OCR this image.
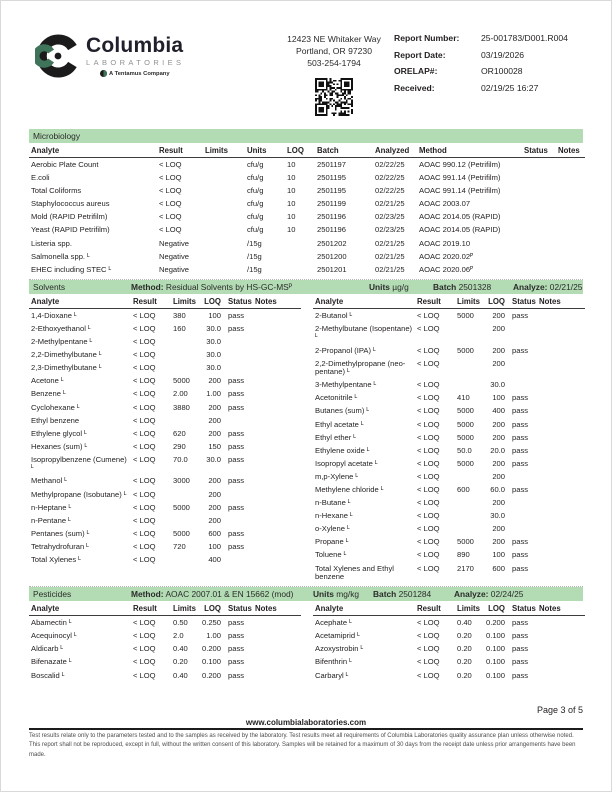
Columbia
LABORATORIES
A Tentamus Company
12423 NE Whitaker Way
Portland, OR 97230
503-254-1794
Report Number:	25-001783/D001.R004
Report Date:	03/19/2026
ORELAP#:	OR100028
Received:	02/19/25 16:27
Microbiology
Analyte	Result	Limits	Units	LOQ	Batch	Analyzed	Method	Status	Notes
Aerobic Plate Count	< LOQ		cfu/g	10	2501197	02/22/25	AOAC 990.12 (Petrifilm)		
E.coli	< LOQ		cfu/g	10	2501195	02/22/25	AOAC 991.14 (Petrifilm)		
Total Coliforms	< LOQ		cfu/g	10	2501195	02/22/25	AOAC 991.14 (Petrifilm)		
Staphylococcus aureus	< LOQ		cfu/g	10	2501199	02/21/25	AOAC 2003.07		
Mold (RAPID Petrifilm)	< LOQ		cfu/g	10	2501196	02/23/25	AOAC 2014.05 (RAPID)		
Yeast (RAPID Petrifilm)	< LOQ		cfu/g	10	2501196	02/23/25	AOAC 2014.05 (RAPID)		
Listeria spp.	Negative		/15g		2501202	02/21/25	AOAC 2019.10		
Salmonella spp. ᴸ	Negative		/15g		2501200	02/21/25	AOAC 2020.02ᴾ		
EHEC including STEC ᴸ	Negative		/15g		2501201	02/21/25	AOAC 2020.06ᴾ		
Solvents	Method: Residual Solvents by HS-GC-MSᴾ	Units µg/g	Batch 2501328	Analyze: 02/21/25
Analyte	Result	Limits	LOQ	Status	Notes
1,4-Dioxane ᴸ	< LOQ	380	100	pass	
2-Ethoxyethanol ᴸ	< LOQ	160	30.0	pass	
2-Methylpentane ᴸ	< LOQ		30.0		
2,2-Dimethylbutane ᴸ	< LOQ		30.0		
2,3-Dimethylbutane ᴸ	< LOQ		30.0		
Acetone ᴸ	< LOQ	5000	200	pass	
Benzene ᴸ	< LOQ	2.00	1.00	pass	
Cyclohexane ᴸ	< LOQ	3880	200	pass	
Ethyl benzene	< LOQ		200		
Ethylene glycol ᴸ	< LOQ	620	200	pass	
Hexanes (sum) ᴸ	< LOQ	290	150	pass	
Isopropylbenzene (Cumene) ᴸ	< LOQ	70.0	30.0	pass	
Methanol ᴸ	< LOQ	3000	200	pass	
Methylpropane (Isobutane) ᴸ	< LOQ		200		
n-Heptane ᴸ	< LOQ	5000	200	pass	
n-Pentane ᴸ	< LOQ		200		
Pentanes (sum) ᴸ	< LOQ	5000	600	pass	
Tetrahydrofuran ᴸ	< LOQ	720	100	pass	
Total Xylenes ᴸ	< LOQ		400		
Analyte	Result	Limits	LOQ	Status	Notes
2-Butanol ᴸ	< LOQ	5000	200	pass	
2-Methylbutane (Isopentane) ᴸ	< LOQ		200		
2-Propanol (IPA) ᴸ	< LOQ	5000	200	pass	
2,2-Dimethylpropane (neo-pentane) ᴸ	< LOQ		200		
3-Methylpentane ᴸ	< LOQ		30.0		
Acetonitrile ᴸ	< LOQ	410	100	pass	
Butanes (sum) ᴸ	< LOQ	5000	400	pass	
Ethyl acetate ᴸ	< LOQ	5000	200	pass	
Ethyl ether ᴸ	< LOQ	5000	200	pass	
Ethylene oxide ᴸ	< LOQ	50.0	20.0	pass	
Isopropyl acetate ᴸ	< LOQ	5000	200	pass	
m,p-Xylene ᴸ	< LOQ		200		
Methylene chloride ᴸ	< LOQ	600	60.0	pass	
n-Butane ᴸ	< LOQ		200		
n-Hexane ᴸ	< LOQ		30.0		
o-Xylene ᴸ	< LOQ		200		
Propane ᴸ	< LOQ	5000	200	pass	
Toluene ᴸ	< LOQ	890	100	pass	
Total Xylenes and Ethyl benzene	< LOQ	2170	600	pass	
Pesticides	Method: AOAC 2007.01 & EN 15662 (mod) Units mg/kg Batch 2501284	Analyze: 02/24/25
Analyte	Result	Limits	LOQ	Status	Notes
Abamectin ᴸ	< LOQ	0.50	0.250	pass	
Acequinocyl ᴸ	< LOQ	2.0	1.00	pass	
Aldicarb ᴸ	< LOQ	0.40	0.200	pass	
Bifenazate ᴸ	< LOQ	0.20	0.100	pass	
Boscalid ᴸ	< LOQ	0.40	0.200	pass	
Analyte	Result	Limits	LOQ	Status	Notes
Acephate ᴸ	< LOQ	0.40	0.200	pass	
Acetamiprid ᴸ	< LOQ	0.20	0.100	pass	
Azoxystrobin ᴸ	< LOQ	0.20	0.100	pass	
Bifenthrin ᴸ	< LOQ	0.20	0.100	pass	
Carbaryl ᴸ	< LOQ	0.20	0.100	pass	
Page 3 of 5
www.columbialaboratories.com
Test results relate only to the parameters tested and to the samples as received by the laboratory. Test results meet all requirements of Columbia Laboratories quality assurance plan unless otherwise noted. This report shall not be reproduced, except in full, without the written consent of this laboratory. Samples will be retained for a maximum of 30 days from the receipt date unless prior arrangements have been made.
